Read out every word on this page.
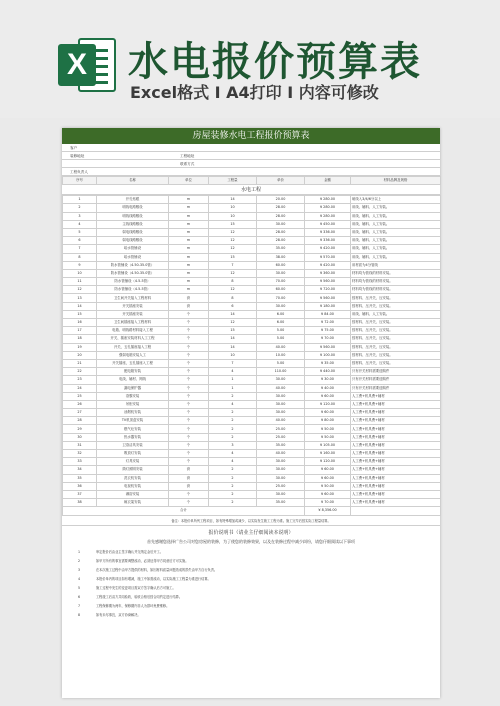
X 水电报价预算表
Excel格式 I A4打印 I 内容可修改
房屋装修水电工程报价预算表
客户
装修地址	工程地址
联系方式
工程负责人
序号	名称	单位	工程量	单价	金额	材料品牌及规格
水电工程
1	开孔钻眼	m	14	20.00	¥ 280.00	暗线入3/4/6分以上
2	明线电路敷设	m	10	28.00	¥ 280.00	用线、辅料、人工安装。
3	明线线路敷设	m	10	28.00	¥ 280.00	用线、辅料、人工安装。
4	主线线路敷设	m	15	30.00	¥ 450.00	用线、辅料、人工安装。
5	弱电线路敷设	m	12	28.00	¥ 336.00	用线、辅料、人工安装。
6	弱电线路敷设	m	12	28.00	¥ 336.00	用线、辅料、人工安装。
7	给水管铺设	m	12	35.00	¥ 420.00	用线、辅料、人工安装。
8	给水管铺设	m	15	38.00	¥ 570.00	用线、辅料、人工安装。
9	防水管铺设（4.50-35.0管）	m	7	60.00	¥ 420.00	用材质为4分管线
10	防水管铺设（4.50-35.0管）	m	12	30.00	¥ 360.00	材料均为管线的材料安装。
11	防水管铺设（4.5-5管）	m	8	70.00	¥ 560.00	材料均为管线的材料安装。
12	防水管铺设（4.5-5管）	m	12	60.00	¥ 720.00	材料均为管线的材料安装。
13	卫生间开关接入工程材料	套	8	70.00	¥ 560.00	按材料、压开关、压安装。
14	开关插座安装	套	6	30.00	¥ 180.00	按材料、压开关、压安装。
15	开关插座安装	个	14	6.00	¥ 84.00	用线、辅料、人工安装。
16	卫生间插座接入工程材料	个	12	6.00	¥ 72.00	按材料、压开关、压安装。
17	电箱、明线路材料接入工程	个	15	5.00	¥ 75.00	按材料、压开关、压安装。
18	开关、插座安装材料人工工程	个	14	5.00	¥ 70.00	按材料、压开关、压安装。
19	开关、五孔插座接入工程	个	14	40.00	¥ 560.00	按材料、压开关、压安装。
20	强弱电箱安装人工	个	10	10.00	¥ 100.00	按材料、压开关、压安装。
21	开关插座，五孔插座入工程	个	7	5.00	¥ 35.00	按材料、压开关、压安装。
22	配电箱安装	个	4	110.00	¥ 440.00	只有开关材料需要选购件
23	电线、辅材、网线	个	1	30.00	¥ 30.00	只有开关材料需要选购件
24	漏电保护器	个	1	40.00	¥ 40.00	只有开关材料需要选购件
25	浴霸安装	个	2	30.00	¥ 60.00	人工费+机具费+辅材
26	吊柜安装	个	4	30.00	¥ 120.00	人工费+机具费+辅材
27	油烟机安装	个	2	30.00	¥ 60.00	人工费+机具费+辅材
28	TV机顶盒安装	个	2	40.00	¥ 80.00	人工费+机具费+辅材
29	燃气灶安装	个	2	25.00	¥ 50.00	人工费+机具费+辅材
30	热水器安装	个	2	25.00	¥ 50.00	人工费+机具费+辅材
31	卫浴洁具安装	个	3	35.00	¥ 105.00	人工费+机具费+辅材
32	吸顶灯安装	个	4	40.00	¥ 160.00	人工费+机具费+辅材
33	灯具安装	个	4	30.00	¥ 120.00	人工费+机具费+辅材
34	筒灯照明安装	套	2	30.00	¥ 60.00	人工费+机具费+辅材
35	洗衣机安装	套	2	30.00	¥ 60.00	人工费+机具费+辅材
36	电视机安装	套	2	25.00	¥ 50.00	人工费+机具费+辅材
37	淋浴安装	个	2	30.00	¥ 60.00	人工费+机具费+辅材
38	晾衣架安装	个	2	35.00	¥ 70.00	人工费+机具费+辅材
合计					¥ 8,356.00	
备注：本报价单所列工程项目，如有特殊增加或减少，以实际发生施工工程为准。施工完毕后按实际工程量结算。
报价说明书（请业主仔细阅读本说明）
首先感谢您选择广告公司对您房屋的装修，为了使您的装修效果，以及在装修过程中减少纠纷，请您仔细阅读以下事项
1	审定报价后由业主签字确认并交纳定金后开工。
2	如甲方所有的事宜需要调整改动，必须征得甲方同意后方可实施。
3	在本次施工过程中由甲方提供的材料，如因材料质量问题造成的损失由甲方自行负责。
4	本报价单内的项目如有增减，施工中如需改动，以实际施工工程量为准进行结算。
5	施工过程中发生的变更项目需双方签字确认后方可施工。
6	工程竣工后双方共同验收，验收合格后按合同约定进行结算。
7	工程保修期为两年，保修期内非人为损坏免费维修。
8	如有未尽事宜，双方协商解决。
